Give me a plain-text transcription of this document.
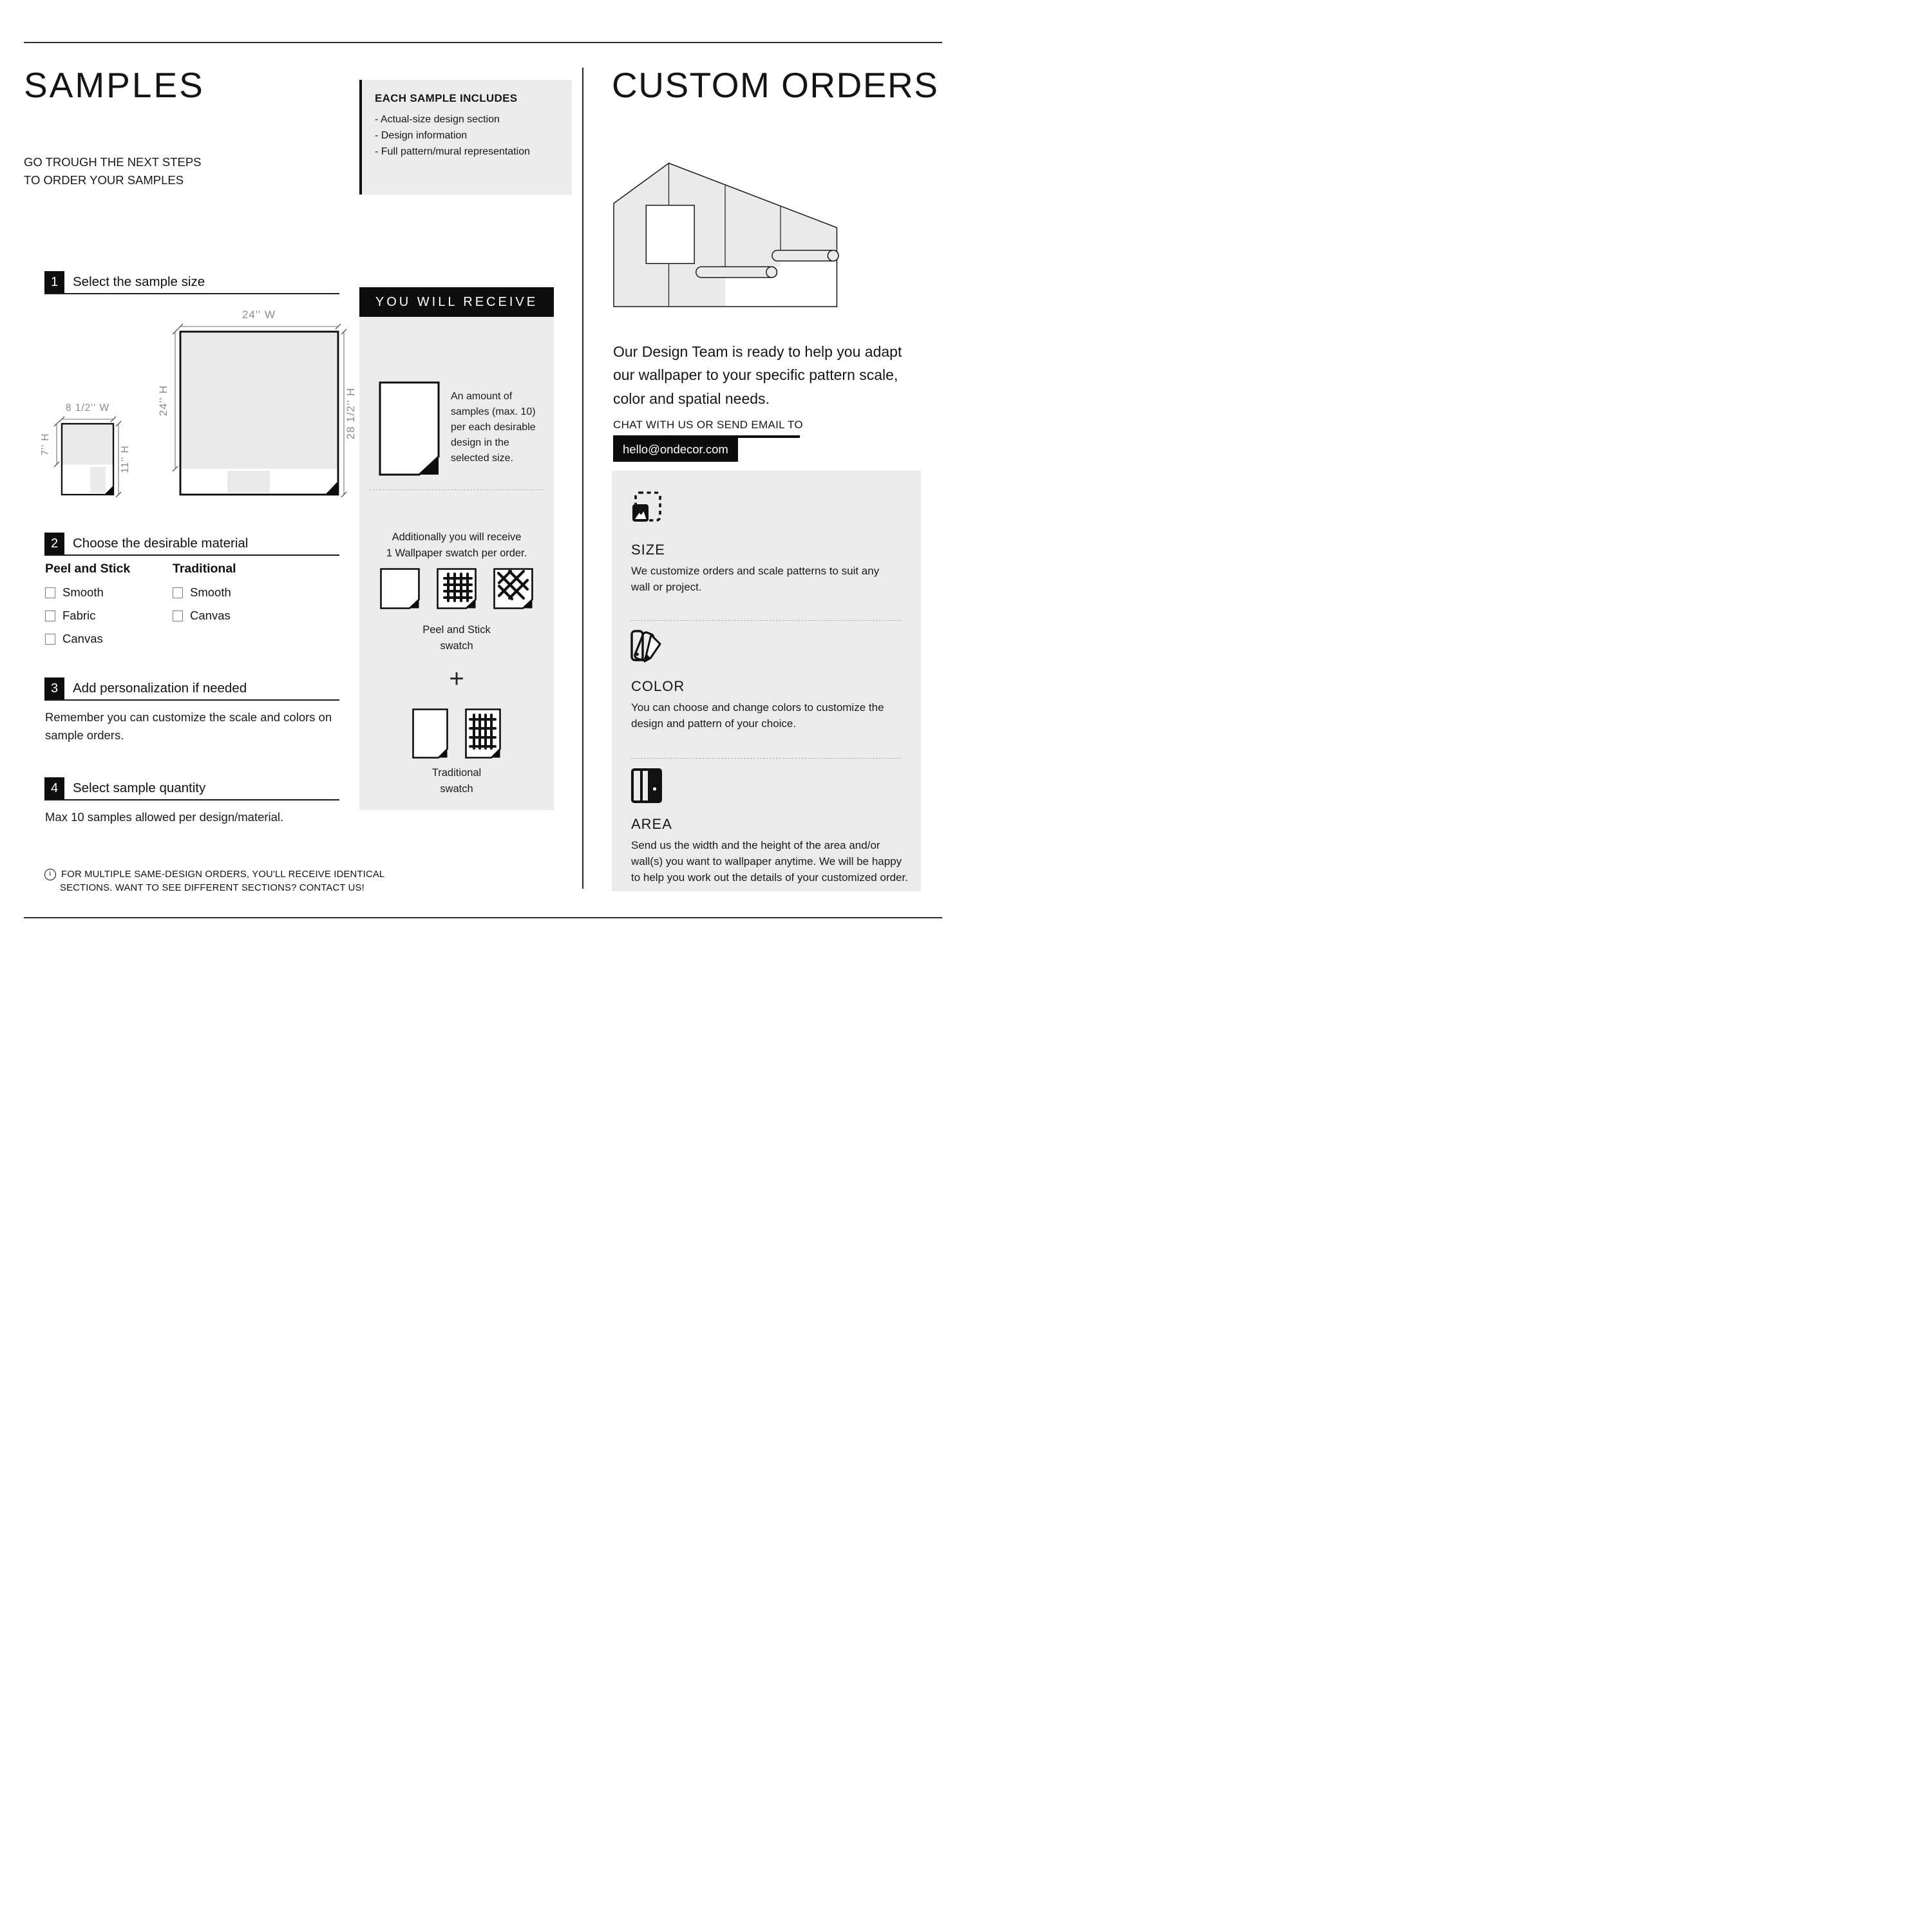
SAMPLES
GO TROUGH THE NEXT STEPS
TO ORDER YOUR SAMPLES
1	Select the sample size
24'' W
24'' H	28 1/2'' H
8 1/2'' W
7'' H
11'' H
2	Choose the desirable material
Peel and Stick
Smooth
Fabric
Canvas
Traditional
Smooth
Canvas
3	Add personalization if needed
Remember you can customize the scale and colors on sample orders.
4	Select sample quantity
Max 10 samples allowed per design/material.
i	FOR MULTIPLE SAME-DESIGN ORDERS, YOU'LL RECEIVE IDENTICAL
SECTIONS. WANT TO SEE DIFFERENT SECTIONS? CONTACT US!
EACH SAMPLE INCLUDES
- Actual-size design section
- Design information
- Full pattern/mural representation
YOU WILL RECEIVE
An amount of samples (max. 10) per each desirable design in the selected size.
Additionally you will receive
1 Wallpaper swatch per order.
Peel and Stick
swatch
+
Traditional
swatch
CUSTOM ORDERS
Our Design Team is ready to help you adapt our wallpaper to your specific pattern scale, color and spatial needs.
CHAT WITH US OR SEND EMAIL TO
hello@ondecor.com
SIZE
We customize orders and scale patterns to suit any wall or project.
COLOR
You can choose and change colors to customize the design and pattern of your choice.
AREA
Send us the width and the height of the area and/or wall(s) you want to wallpaper anytime. We will be happy to help you work out the details of your customized order.
